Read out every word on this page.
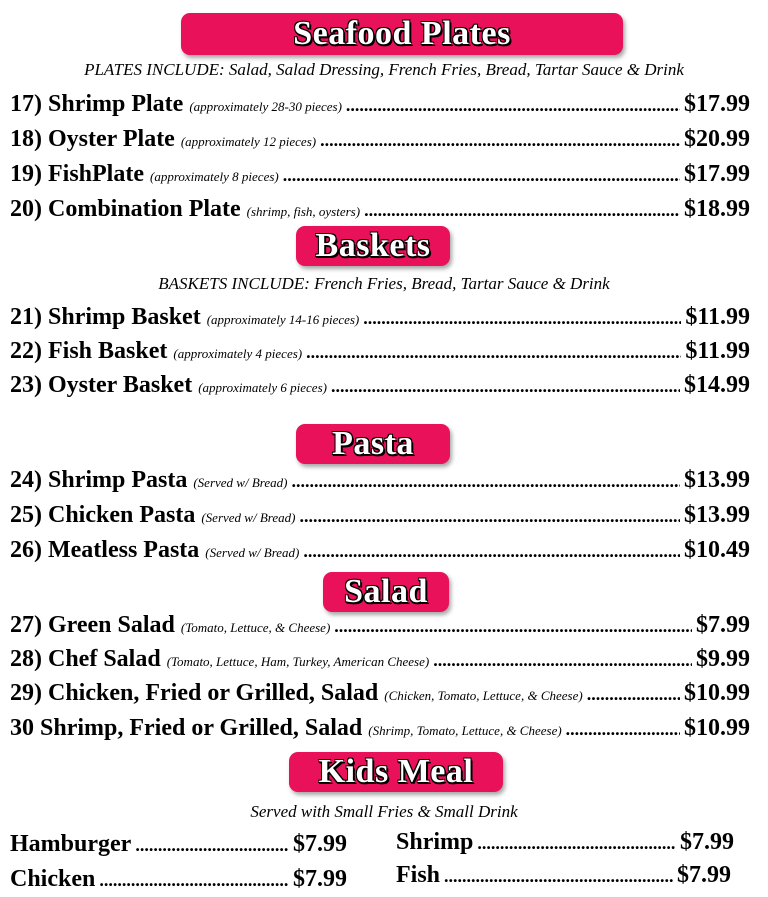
Seafood Plates
PLATES INCLUDE: Salad, Salad Dressing, French Fries, Bread, Tartar Sauce & Drink
17) Shrimp Plate (approximately 28-30 pieces) .....	$17.99
18) Oyster Plate (approximately 12 pieces) .....	$20.99
19) FishPlate (approximately 8 pieces) .....	$17.99
20) Combination Plate (shrimp, fish, oysters) .....	$18.99
Baskets
BASKETS INCLUDE: French Fries, Bread, Tartar Sauce & Drink
21) Shrimp Basket (approximately 14-16 pieces) .....	$11.99
22) Fish Basket (approximately 4 pieces) .....	$11.99
23) Oyster Basket (approximately 6 pieces) .....	$14.99
Pasta
24) Shrimp Pasta (Served w/ Bread) .....	$13.99
25) Chicken Pasta (Served w/ Bread) .....	$13.99
26) Meatless Pasta (Served w/ Bread) .....	$10.49
Salad
27) Green Salad (Tomato, Lettuce, & Cheese) .....	$7.99
28) Chef Salad (Tomato, Lettuce, Ham, Turkey, American Cheese) .....	$9.99
29) Chicken, Fried or Grilled, Salad (Chicken, Tomato, Lettuce, & Cheese) .....	$10.99
30 Shrimp, Fried or Grilled, Salad (Shrimp, Tomato, Lettuce, & Cheese) .....	$10.99
Kids Meal
Served with Small Fries & Small Drink
Hamburger .....	$7.99 Shrimp .....	$7.99
Chicken .....	$7.99 Fish .....	$7.99
